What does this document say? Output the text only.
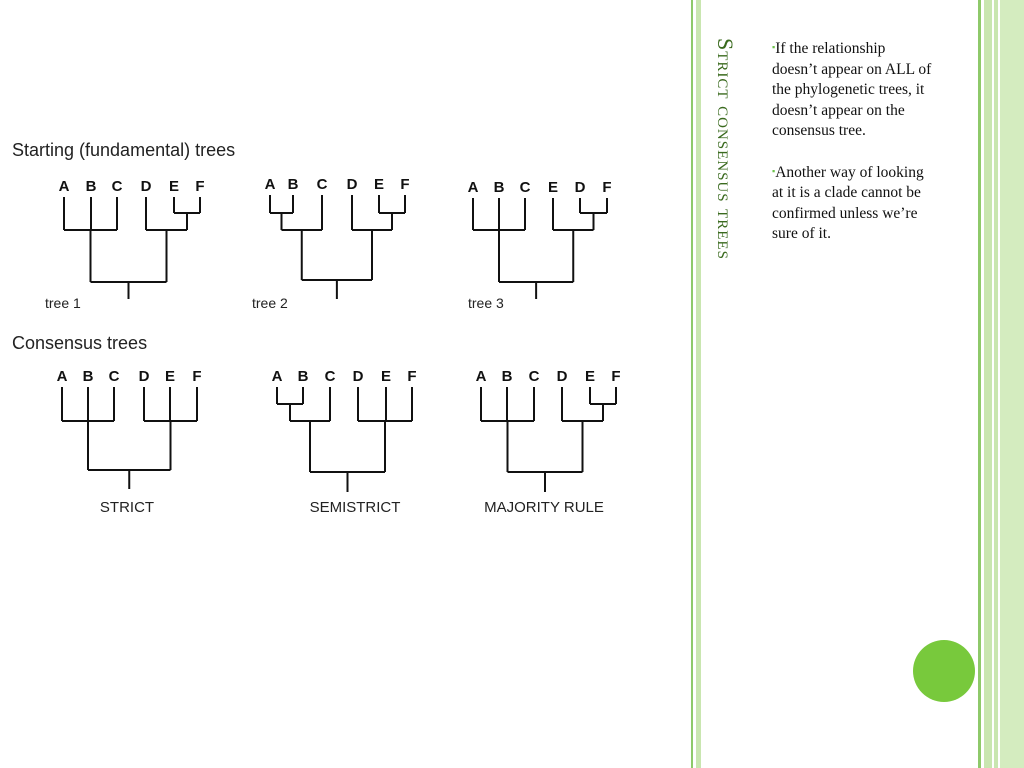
Starting (fundamental) trees
Consensus trees
A B C D E F
tree 1
A B C D E F
tree 2
A B C E D F
tree 3
A B C D E F
STRICT
A B C D E F
SEMISTRICT
A B C D E F
MAJORITY RULE
Strict consensus trees	▪If the relationship doesn’t appear on ALL of the phylogenetic trees, it doesn’t appear on the consensus tree.
▪Another way of looking at it is a clade cannot be confirmed unless we’re sure of it.
